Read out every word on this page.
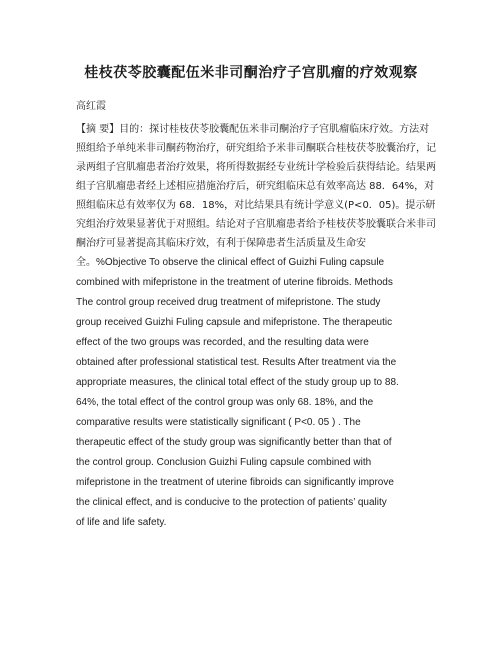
桂枝茯苓胶囊配伍米非司酮治疗子宫肌瘤的疗效观察
高红霞
【摘 要】目的：探讨桂枝茯苓胶囊配伍米非司酮治疗子宫肌瘤临床疗效。方法对
照组给予单纯米非司酮药物治疗，研究组给予米非司酮联合桂枝茯苓胶囊治疗，记
录两组子宫肌瘤患者治疗效果，将所得数据经专业统计学检验后获得结论。结果两
组子宫肌瘤患者经上述相应措施治疗后，研究组临床总有效率高达 88．64%，对
照组临床总有效率仅为 68．18%，对比结果具有统计学意义(P<0．05)。提示研
究组治疗效果显著优于对照组。结论对子宫肌瘤患者给予桂枝茯苓胶囊联合米非司
酮治疗可显著提高其临床疗效，有利于保障患者生活质量及生命安
全。%Objective To observe the clinical effect of Guizhi Fuling capsule
combined with mifepristone in the treatment of uterine fibroids. Methods
The control group received drug treatment of mifepristone. The study
group received Guizhi Fuling capsule and mifepristone. The therapeutic
effect of the two groups was recorded, and the resulting data were
obtained after professional statistical test. Results After treatment via the
appropriate measures, the clinical total effect of the study group up to 88.
64%, the total effect of the control group was only 68. 18%, and the
comparative results were statistically significant ( P<0. 05 ) . The
therapeutic effect of the study group was significantly better than that of
the control group. Conclusion Guizhi Fuling capsule combined with
mifepristone in the treatment of uterine fibroids can significantly improve
the clinical effect, and is conducive to the protection of patients’ quality
of life and life safety.
